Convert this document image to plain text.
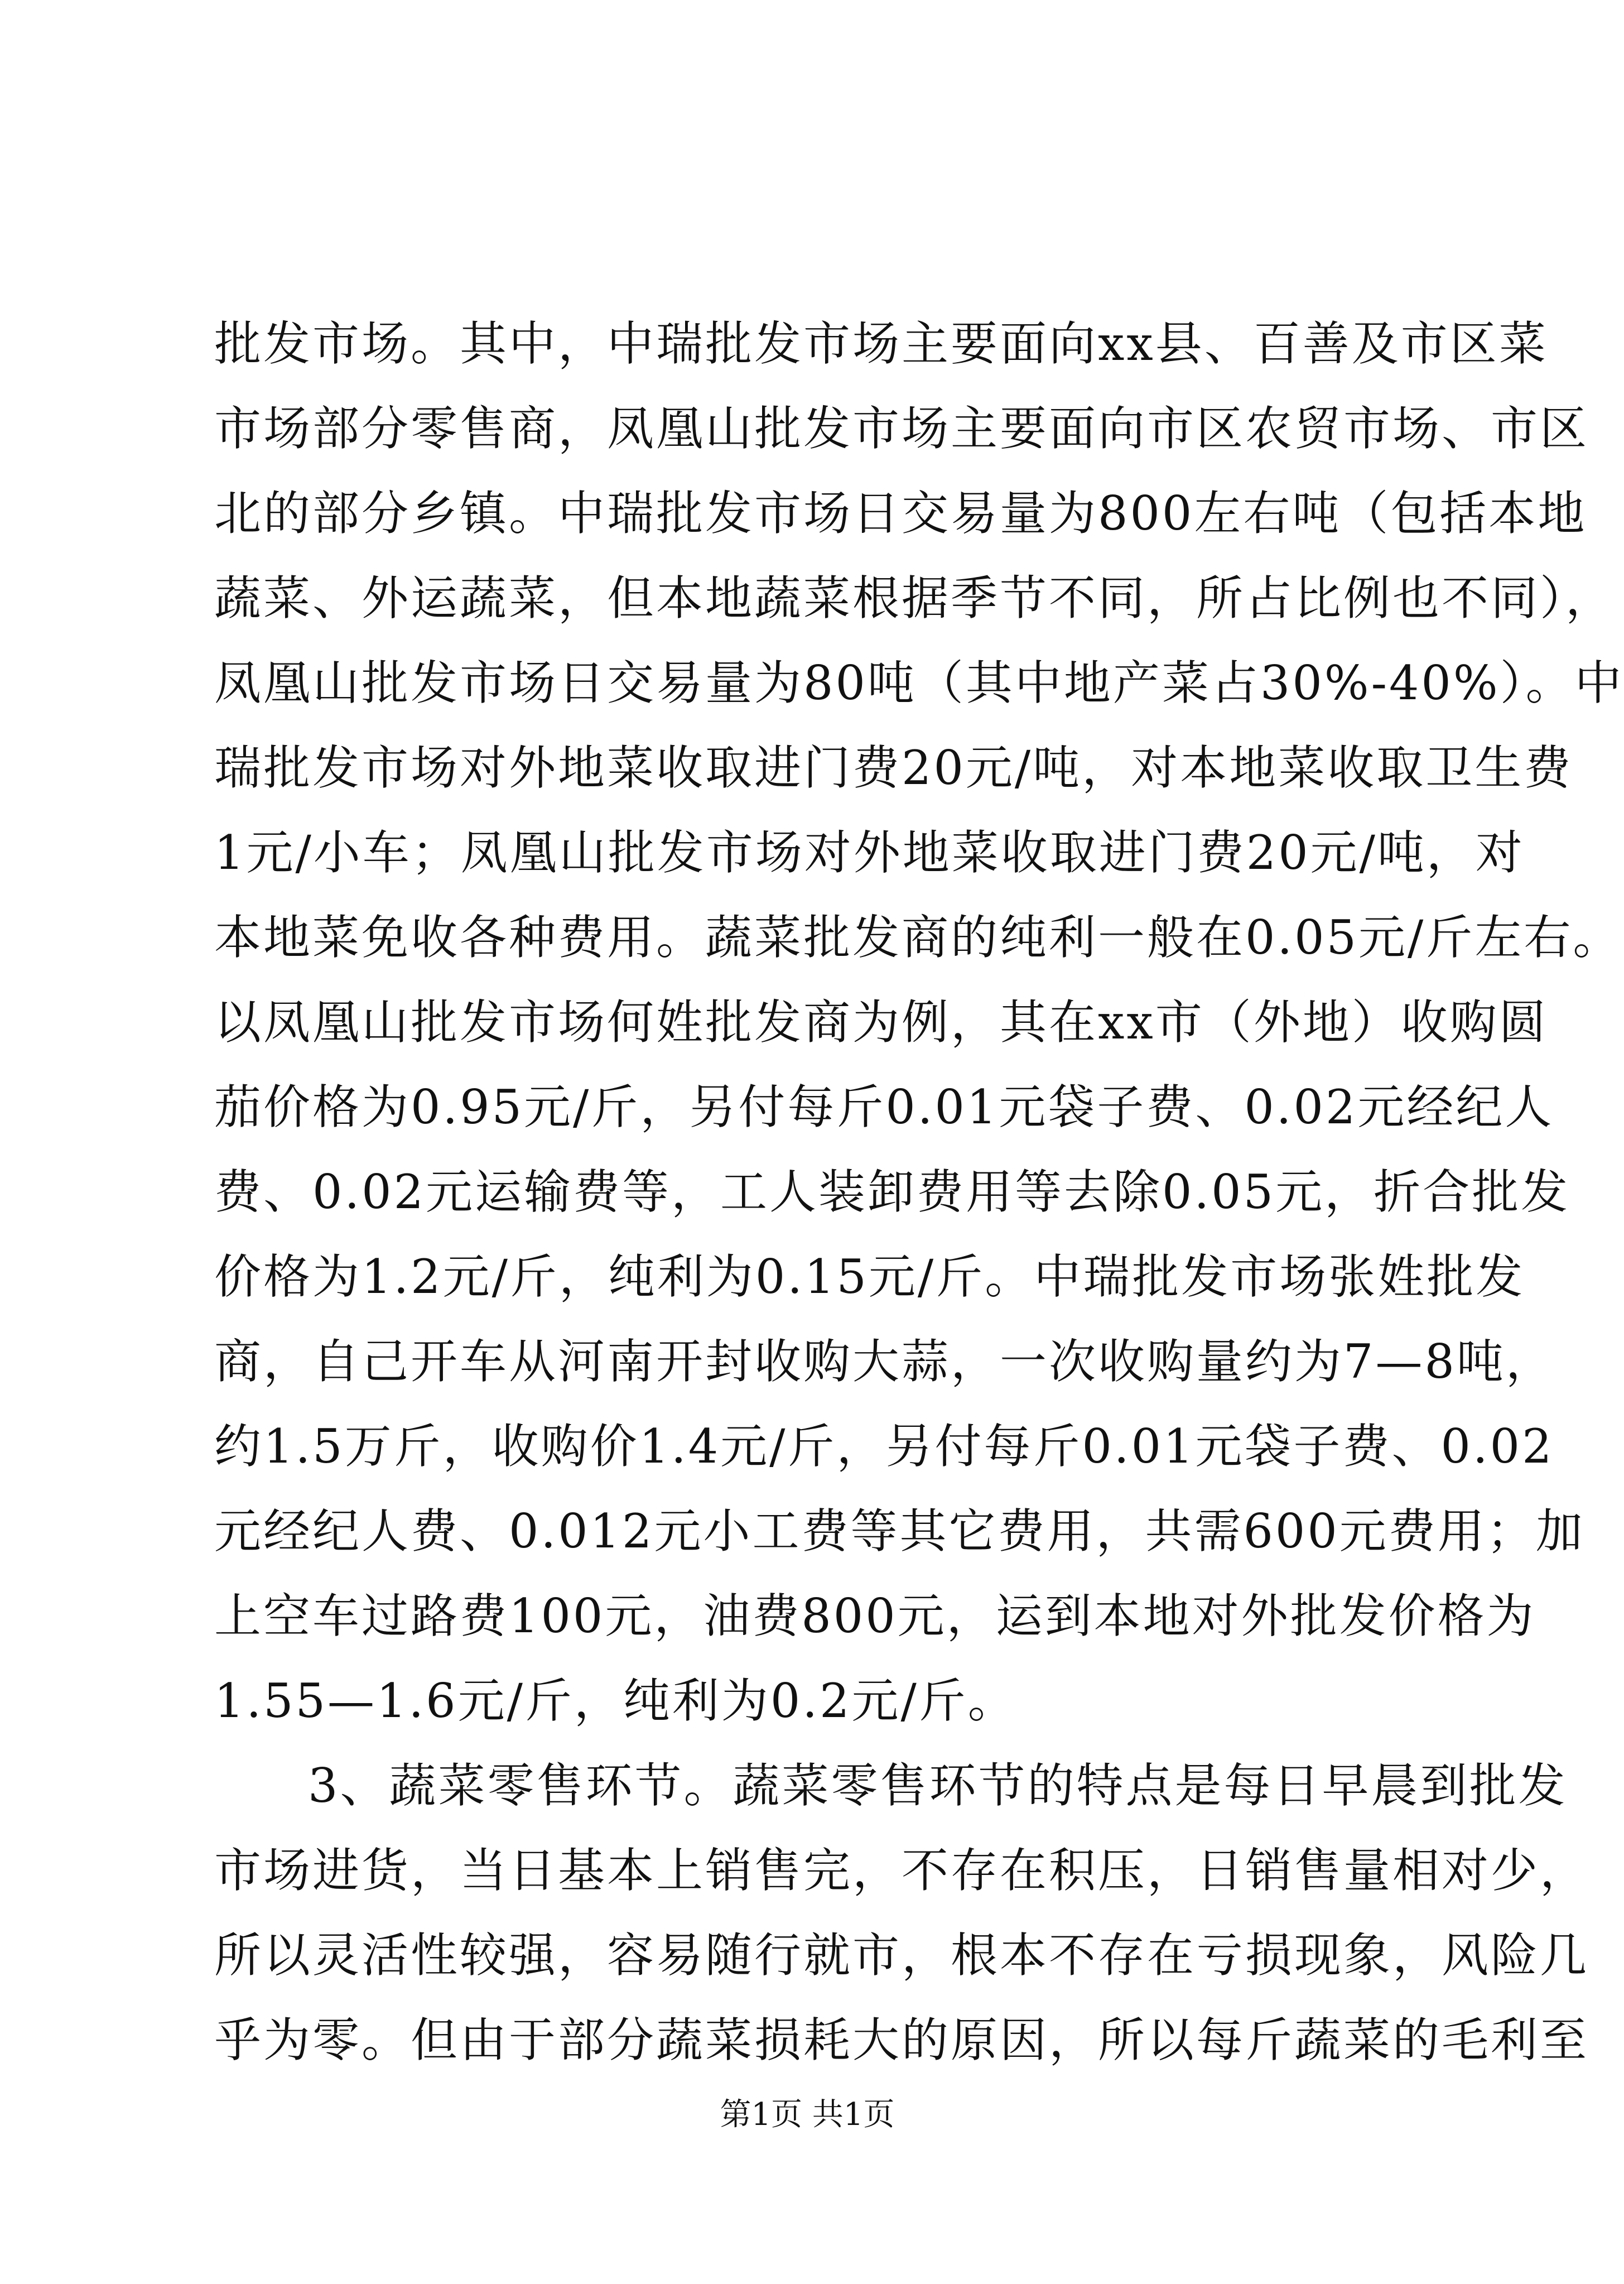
批发市场。其中，中瑞批发市场主要面向xx县、百善及市区菜
市场部分零售商，凤凰山批发市场主要面向市区农贸市场、市区
北的部分乡镇。中瑞批发市场日交易量为800左右吨（包括本地
蔬菜、外运蔬菜，但本地蔬菜根据季节不同，所占比例也不同），
凤凰山批发市场日交易量为80吨（其中地产菜占30%-40%）。中
瑞批发市场对外地菜收取进门费20元/吨，对本地菜收取卫生费
1元/小车；凤凰山批发市场对外地菜收取进门费20元/吨，对
本地菜免收各种费用。蔬菜批发商的纯利一般在0.05元/斤左右。
以凤凰山批发市场何姓批发商为例，其在xx市（外地）收购圆
茄价格为0.95元/斤，另付每斤0.01元袋子费、0.02元经纪人
费、0.02元运输费等，工人装卸费用等去除0.05元，折合批发
价格为1.2元/斤，纯利为0.15元/斤。中瑞批发市场张姓批发
商，自己开车从河南开封收购大蒜，一次收购量约为7—8吨，
约1.5万斤，收购价1.4元/斤，另付每斤0.01元袋子费、0.02
元经纪人费、0.012元小工费等其它费用，共需600元费用；加
上空车过路费100元，油费800元，运到本地对外批发价格为
1.55—1.6元/斤，纯利为0.2元/斤。
3、蔬菜零售环节。蔬菜零售环节的特点是每日早晨到批发
市场进货，当日基本上销售完，不存在积压，日销售量相对少，
所以灵活性较强，容易随行就市，根本不存在亏损现象，风险几
乎为零。但由于部分蔬菜损耗大的原因，所以每斤蔬菜的毛利至
第1页 共1页
